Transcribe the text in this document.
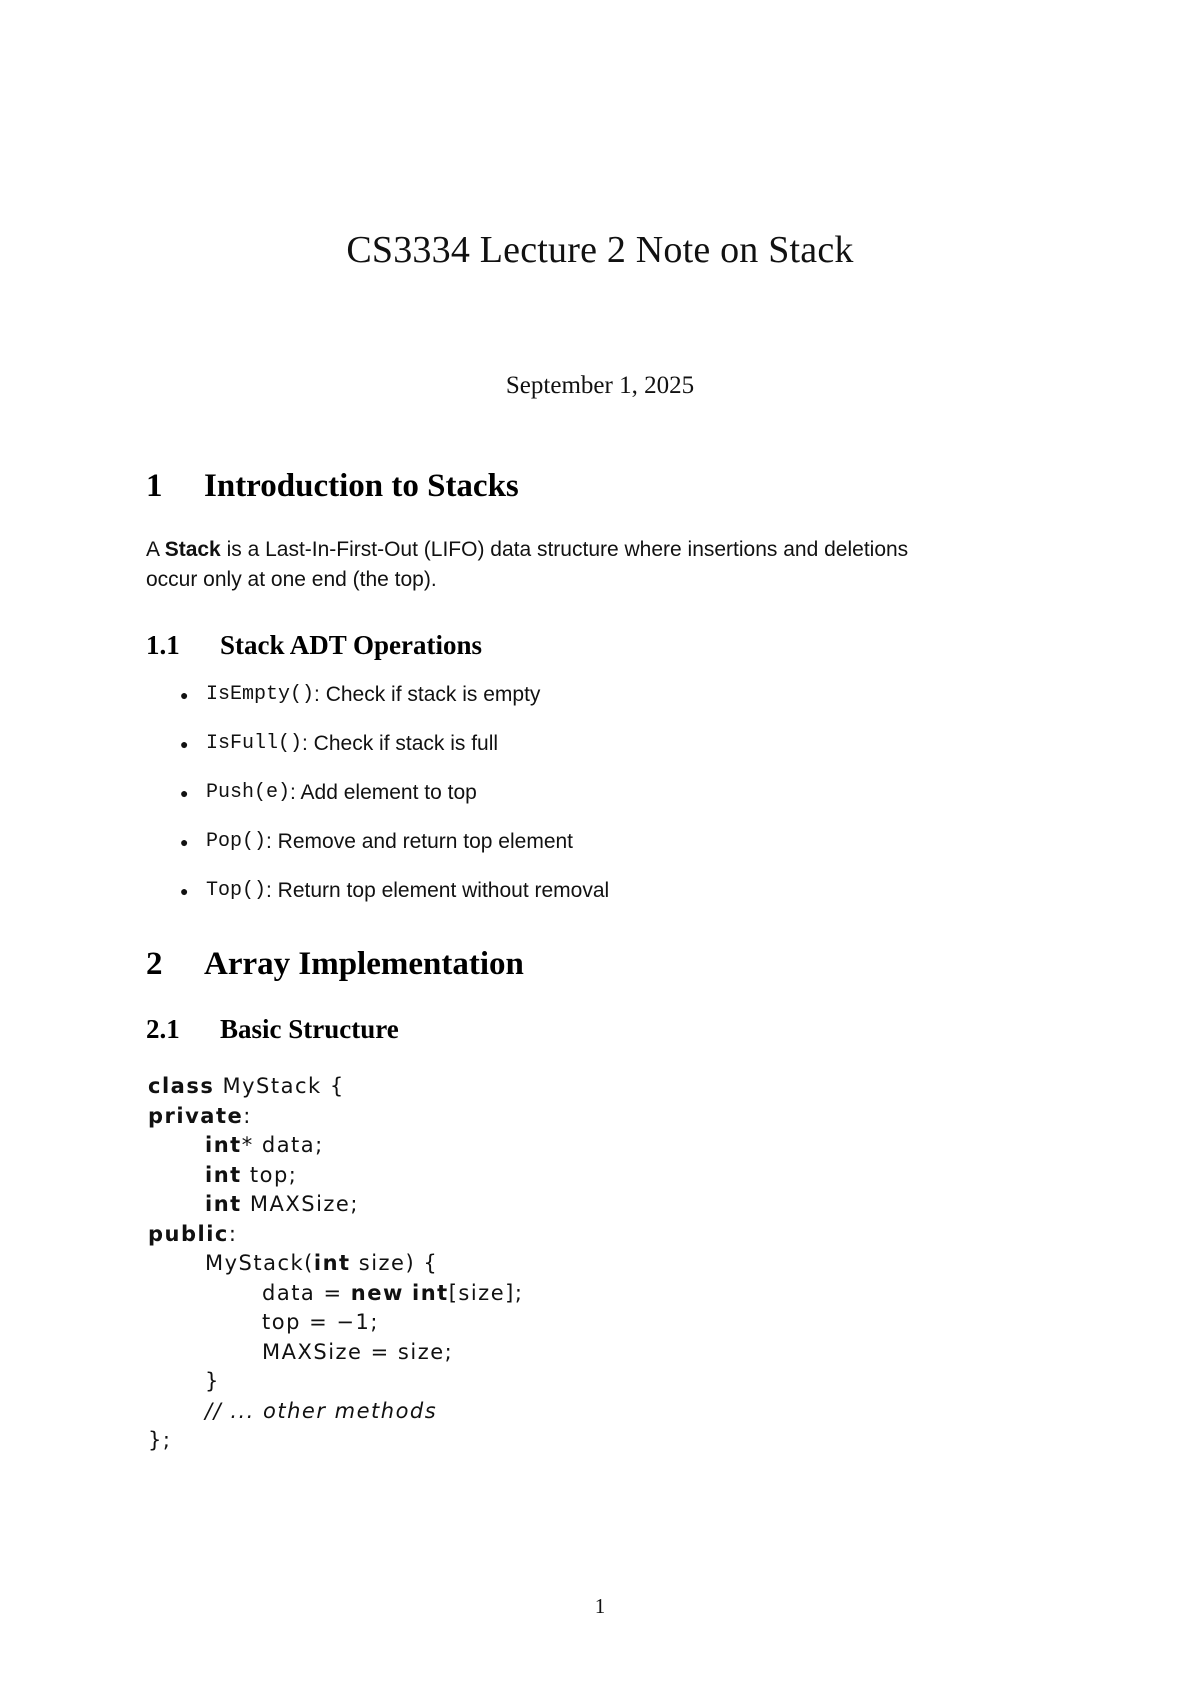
CS3334 Lecture 2 Note on Stack
September 1, 2025
1 Introduction to Stacks
A Stack is a Last-In-First-Out (LIFO) data structure where insertions and deletions
occur only at one end (the top).
1.1 Stack ADT Operations
● IsEmpty() : Check if stack is empty
● IsFull() : Check if stack is full
● Push(e) : Add element to top
● Pop() : Remove and return top element
● Top() : Return top element without removal
2 Array Implementation
2.1 Basic Structure
class MyStack {
private:
int* data;
int top;
int MAXSize;
public:
MyStack(int size) {
data = new int[size];
top = −1;
MAXSize = size;
}
// ... other methods
};
1
